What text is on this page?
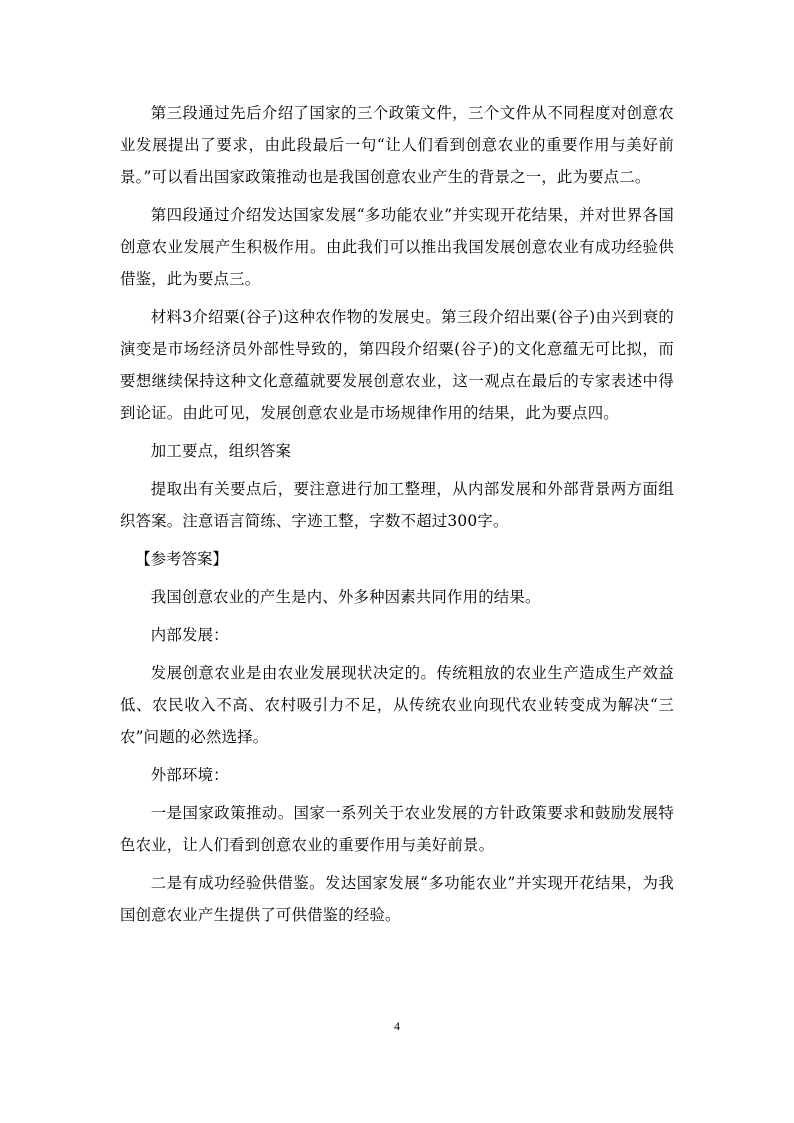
第三段通过先后介绍了国家的三个政策文件，三个文件从不同程度对创意农业发展提出了要求，由此段最后一句“让人们看到创意农业的重要作用与美好前景。”可以看出国家政策推动也是我国创意农业产生的背景之一，此为要点二。

第四段通过介绍发达国家发展“多功能农业”并实现开花结果，并对世界各国创意农业发展产生积极作用。由此我们可以推出我国发展创意农业有成功经验供借鉴，此为要点三。

材料3介绍粟(谷子)这种农作物的发展史。第三段介绍出粟(谷子)由兴到衰的演变是市场经济员外部性导致的，第四段介绍粟(谷子)的文化意蕴无可比拟，而要想继续保持这种文化意蕴就要发展创意农业，这一观点在最后的专家表述中得到论证。由此可见，发展创意农业是市场规律作用的结果，此为要点四。

加工要点，组织答案

提取出有关要点后，要注意进行加工整理，从内部发展和外部背景两方面组织答案。注意语言简练、字迹工整，字数不超过300字。

【参考答案】

我国创意农业的产生是内、外多种因素共同作用的结果。

内部发展：

发展创意农业是由农业发展现状决定的。传统粗放的农业生产造成生产效益低、农民收入不高、农村吸引力不足，从传统农业向现代农业转变成为解决“三农”问题的必然选择。

外部环境：

一是国家政策推动。国家一系列关于农业发展的方针政策要求和鼓励发展特色农业，让人们看到创意农业的重要作用与美好前景。

二是有成功经验供借鉴。发达国家发展“多功能农业”并实现开花结果，为我国创意农业产生提供了可供借鉴的经验。

4
